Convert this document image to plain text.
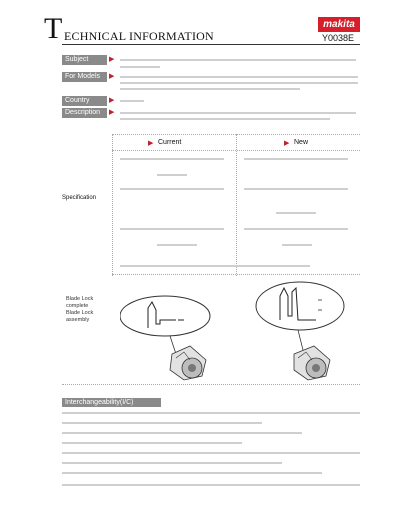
T ECHNICAL INFORMATION
makita
Y0038E
Subject	▶
For Models	▶
Country	▶
Description	▶
▶ Current	▶ New
Specification
Blade Lock
complete
Blade Lock
assembly
Interchangeability(I/C)
